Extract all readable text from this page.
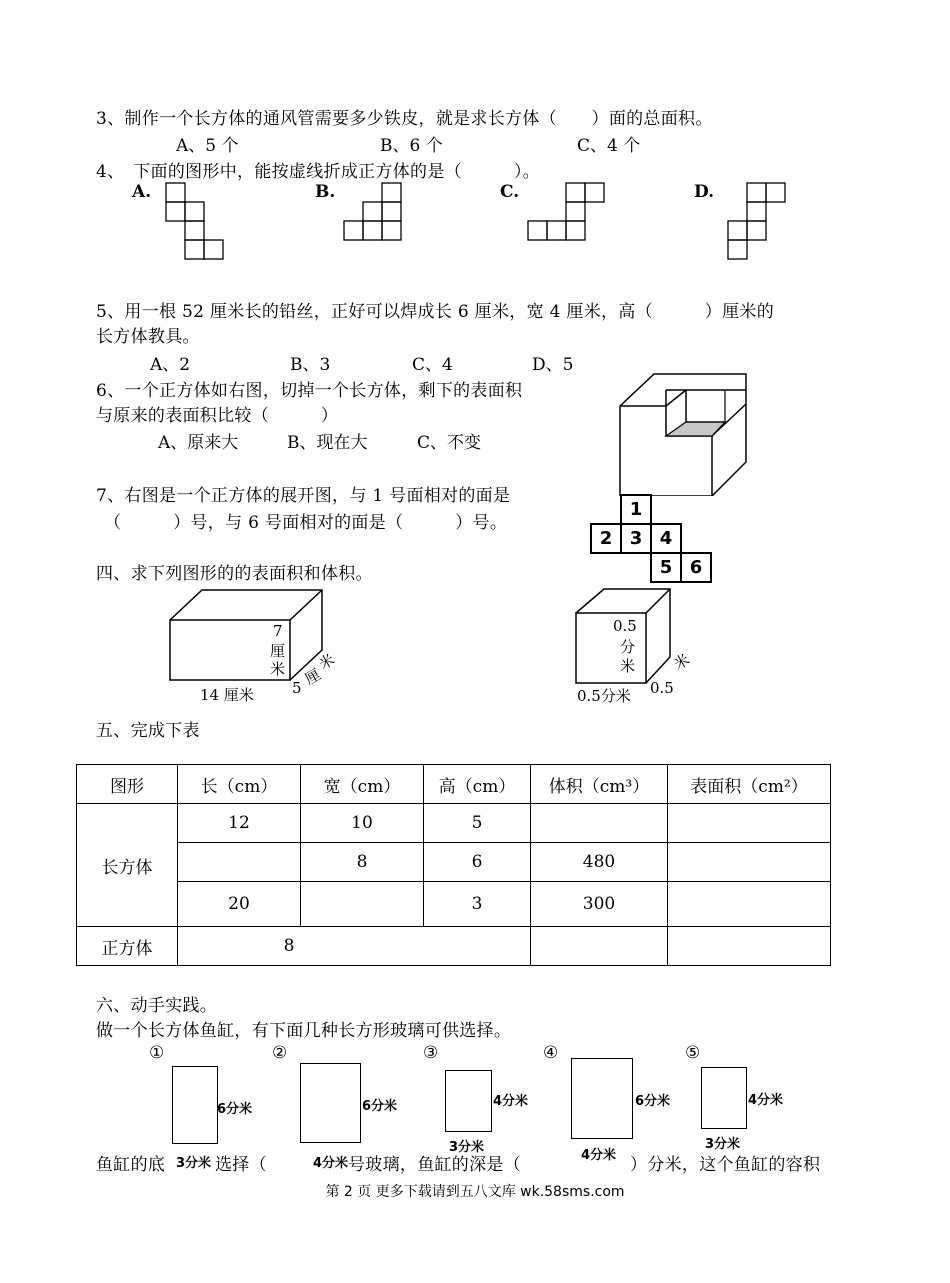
3、制作一个长方体的通风管需要多少铁皮，就是求长方体（　　）面的总面积。
A、5 个	B、6 个	C、4 个
4、　下面的图形中，能按虚线折成正方体的是（　　　）。
A.	B.	C.	D.
5、用一根 52 厘米长的铅丝，正好可以焊成长 6 厘米，宽 4 厘米，高（　　　）厘米的
长方体教具。
A、2	B、3	C、4	D、5
6、一个正方体如右图，切掉一个长方体，剩下的表面积
与原来的表面积比较（　　　）
A、原来大	B、现在大	C、不变
7、右图是一个正方体的展开图，与 1 号面相对的面是
（　　　）号，与 6 号面相对的面是（　　　）号。
	1		
2	3	4	
		5	6
四、求下列图形的的表面积和体积。
7
厘
米
14 厘米	5 厘
米
0.5
分
米
0.5分米 0.5
米
五、完成下表
图形	长（cm）	宽（cm）	高（cm）	体积（cm³）	表面积（cm²）
长方体	12	10	5		
		8	6	480	
	20		3	300	
正方体	8				
六、动手实践。
做一个长方体鱼缸，有下面几种长方形玻璃可供选择。
①	②	③	④	⑤
6分米	6分米	4分米	6分米	4分米
3分米
4分米
3分米
鱼缸的底 3分米 选择（	4分米 号玻璃，鱼缸的深是（	）分米，这个鱼缸的容积
第 2 页 更多下载请到五八文库 wk.58sms.com
